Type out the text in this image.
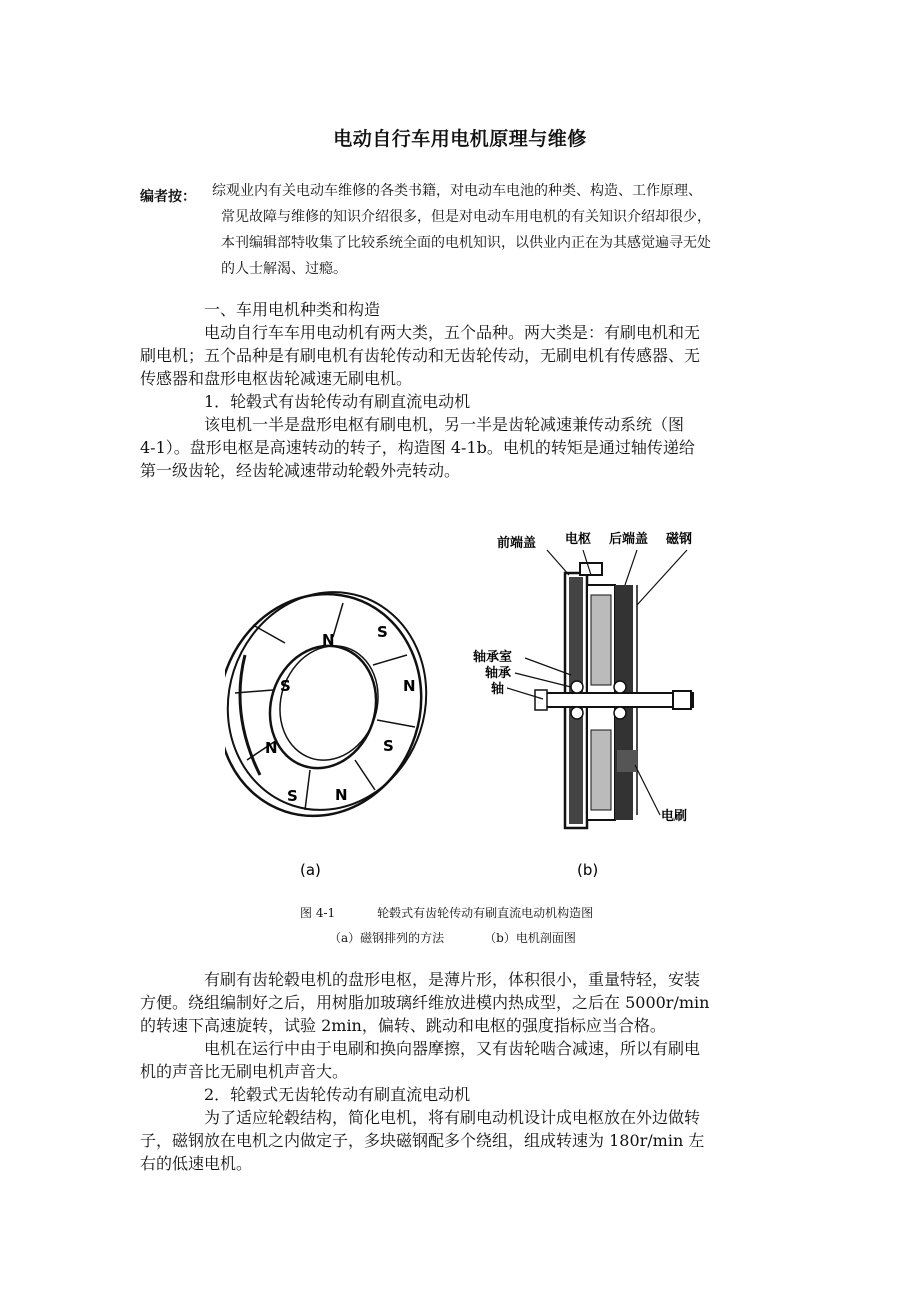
电动自行车用电机原理与维修
编者按： 综观业内有关电动车维修的各类书籍，对电动车电池的种类、构造、工作原理、
常见故障与维修的知识介绍很多，但是对电动车用电机的有关知识介绍却很少，
本刊编辑部特收集了比较系统全面的电机知识，以供业内正在为其感觉遍寻无处
的人士解渴、过瘾。
一、车用电机种类和构造
电动自行车车用电动机有两大类，五个品种。两大类是：有刷电机和无
刷电机；五个品种是有刷电机有齿轮传动和无齿轮传动，无刷电机有传感器、无
传感器和盘形电枢齿轮减速无刷电机。
1．轮毂式有齿轮传动有刷直流电动机
该电机一半是盘形电枢有刷电机，另一半是齿轮减速兼传动系统（图
4-1）。盘形电枢是高速转动的转子，构造图 4-1b。电机的转矩是通过轴传递给
第一级齿轮，经齿轮减速带动轮毂外壳转动。
N	S
N
S
N
S
N
S
(a)
前端盖 电枢 后端盖 磁钢
轴承室
轴承
轴
电刷
(b)
图 4-1	轮毂式有齿轮传动有刷直流电动机构造图
（a）磁钢排列的方法	（b）电机剖面图
有刷有齿轮毂电机的盘形电枢，是薄片形，体积很小，重量特轻，安装
方便。绕组编制好之后，用树脂加玻璃纤维放进模内热成型，之后在 5000r/min
的转速下高速旋转，试验 2min，偏转、跳动和电枢的强度指标应当合格。
电机在运行中由于电刷和换向器摩擦，又有齿轮啮合减速，所以有刷电
机的声音比无刷电机声音大。
2．轮毂式无齿轮传动有刷直流电动机
为了适应轮毂结构，简化电机，将有刷电动机设计成电枢放在外边做转
子，磁钢放在电机之内做定子，多块磁钢配多个绕组，组成转速为 180r/min 左
右的低速电机。
